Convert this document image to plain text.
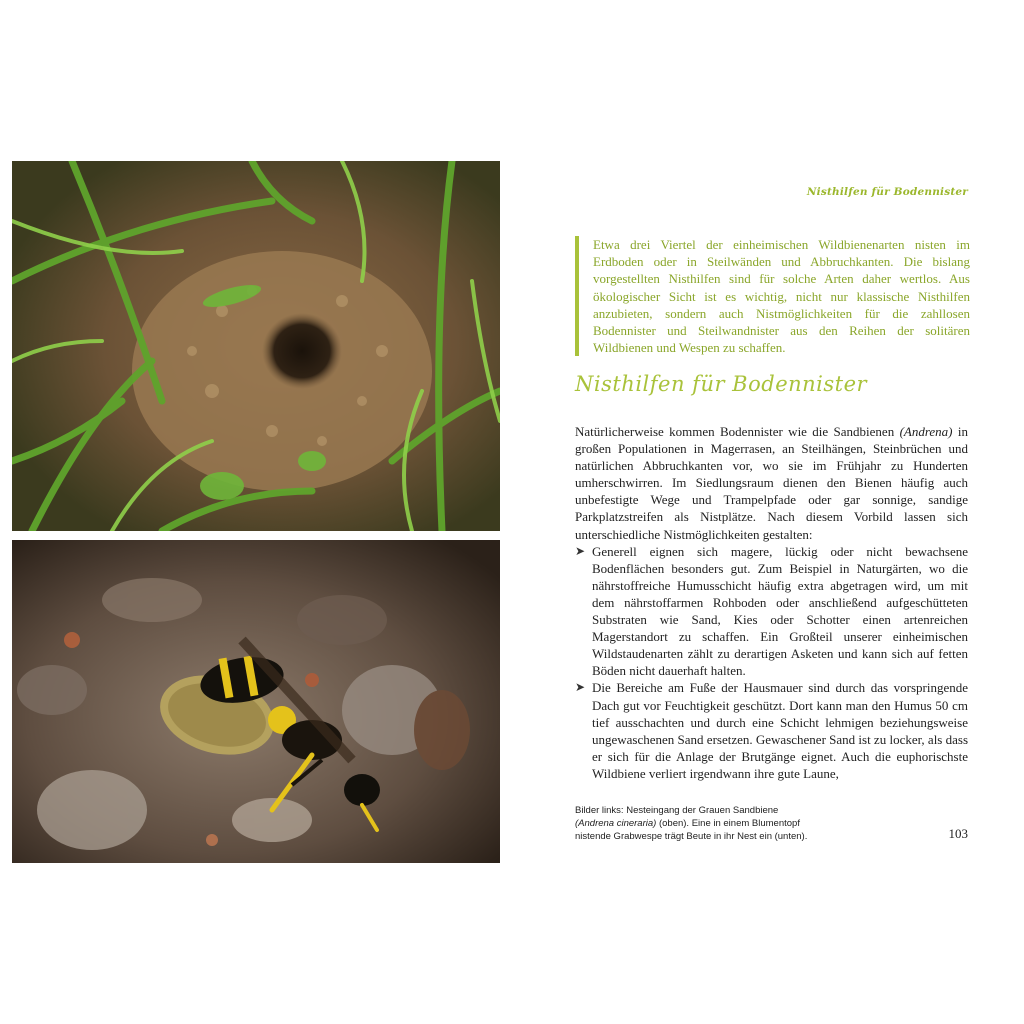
Nisthilfen für Bodennister
Etwa drei Viertel der einheimischen Wildbienenarten nisten im Erdboden oder in Steilwänden und Abbruchkanten. Die bislang vorgestellten Nisthilfen sind für solche Arten daher wertlos. Aus ökologischer Sicht ist es wichtig, nicht nur klassische Nisthilfen anzubieten, sondern auch Nistmöglichkeiten für die zahllosen Bodennister und Steilwandnister aus den Reihen der solitären Wildbienen und Wespen zu schaffen.
Nisthilfen für Bodennister

Natürlicherweise kommen Bodennister wie die Sandbienen (Andrena) in großen Populationen in Magerrasen, an Steilhängen, Steinbrüchen und natürlichen Abbruchkanten vor, wo sie im Frühjahr zu Hunderten umherschwirren. Im Siedlungsraum dienen den Bienen häufig auch unbefestigte Wege und Trampelpfade oder gar sonnige, sandige Parkplatzstreifen als Nistplätze. Nach diesem Vorbild lassen sich unterschiedliche Nistmöglichkeiten gestalten:

➤ Generell eignen sich magere, lückig oder nicht bewachsene Bodenflächen besonders gut. Zum Beispiel in Naturgärten, wo die nährstoffreiche Humusschicht häufig extra abgetragen wird, um mit dem nährstoffarmen Rohboden oder anschließend aufgeschütteten Substraten wie Sand, Kies oder Schotter einen artenreichen Magerstandort zu schaffen. Ein Großteil unserer einheimischen Wildstaudenarten zählt zu derartigen Asketen und kann sich auf fetten Böden nicht dauerhaft halten.
➤ Die Bereiche am Fuße der Hausmauer sind durch das vorspringende Dach gut vor Feuchtigkeit geschützt. Dort kann man den Humus 50 cm tief ausschachten und durch eine Schicht lehmigen beziehungsweise ungewaschenen Sand ersetzen. Gewaschener Sand ist zu locker, als dass er sich für die Anlage der Brutgänge eignet. Auch die euphorischste Wildbiene verliert irgendwann ihre gute Laune,
Bilder links: Nesteingang der Grauen Sandbiene
(Andrena cineraria) (oben). Eine in einem Blumentopf
nistende Grabwespe trägt Beute in ihr Nest ein (unten).	103
